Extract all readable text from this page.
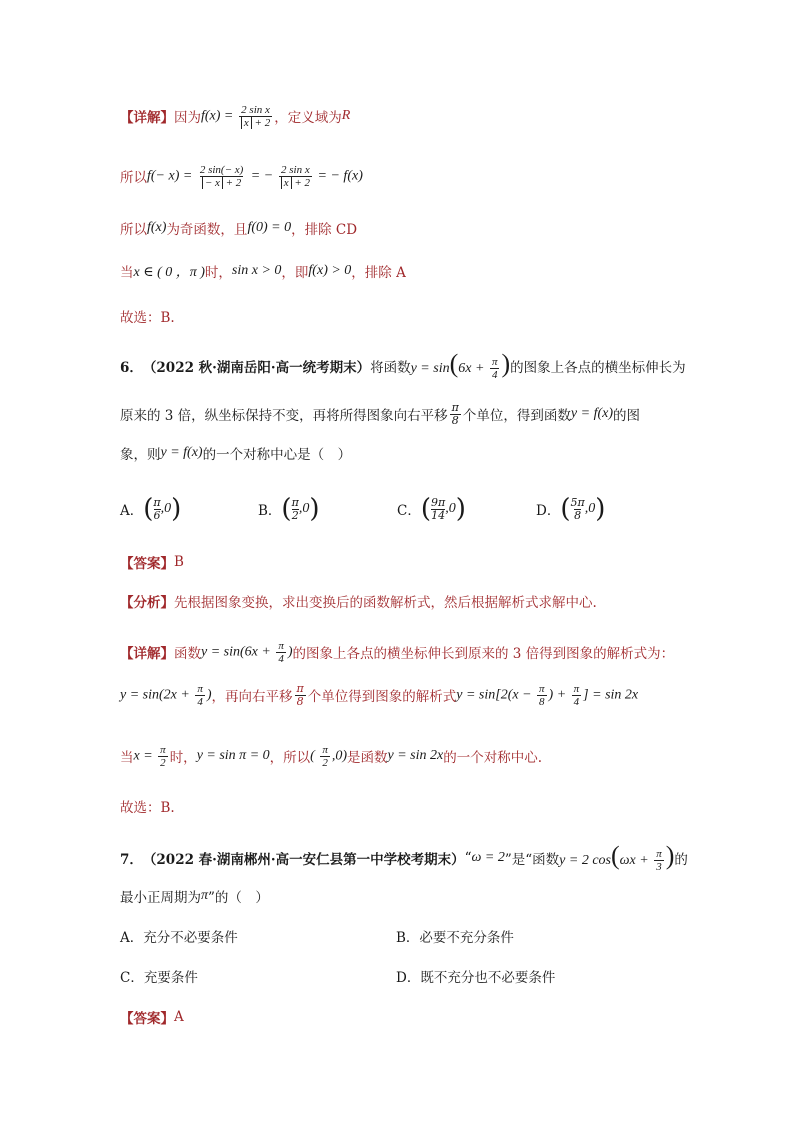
【详解】 因为 $f(x) = \frac{\text{2 sin x}}{x + 2}$ ，定义域为 R
所以 $f(- x) = \frac{2 \sin(- x)}{- x + 2}$ = − $\frac{\text{2 sin x}}{x + 2}$ = − f(x)
所以 f(x) 为奇函数，且 f(0) = 0 ，排除 CD
当 x ∈ ( 0 ，π ) 时， sin x > 0 ，即 f(x) > 0 ，排除 A
故选：B.
6． （2022 秋·湖南岳阳·高一统考期末） 将函数 $y = \sin(6x + \frac{\pi}{4}$ ) 的图象上各点的横坐标伸长为
原来的 3 倍，纵坐标保持不变，再将所得图象向右平移 $\frac{\pi}{8}$ 个单位，得到函数 y = f(x) 的图
象，则 y = f(x) 的一个对称中心是（　）
A． ( $\frac{\pi}{6} ,0$ )	B． ( $\frac{\pi}{2} ,0$ )	C． ( $\frac{9\pi}{14} ,0$ )	D． ( $\frac{5\pi}{8} ,0$ )
【答案】 B
【分析】 先根据图象变换，求出变换后的函数解析式，然后根据解析式求解中心.
【详解】 函数 $y = \sin(6x + \frac{\pi}{4}$ ) 的图象上各点的横坐标伸长到原来的 3 倍得到图象的解析式为：
$y = \sin(2x + \frac{\pi}{4}$ ) ，再向右平移 $\frac{\pi}{8}$ 个单位得到图象的解析式 $y = \sin[2(x - \frac{\pi}{8}$ ) + $\frac{\pi}{4}$ ] = sin 2x
当 $x = \frac{\pi}{2}$ 时， y = sin π = 0 ，所以 ( $\frac{\pi}{2} ,0$) 是函数 y = sin 2x 的一个对称中心.
故选：B.
7． （2022 春·湖南郴州·高一安仁县第一中学校考期末） “ ω = 2 ”是“函数 y = 2 $\cos(\omega x + \frac{\pi}{3}$ ) 的
最小正周期为 π ”的（　）
A． 充分不必要条件	B． 必要不充分条件
C． 充要条件	D． 既不充分也不必要条件
【答案】 A
